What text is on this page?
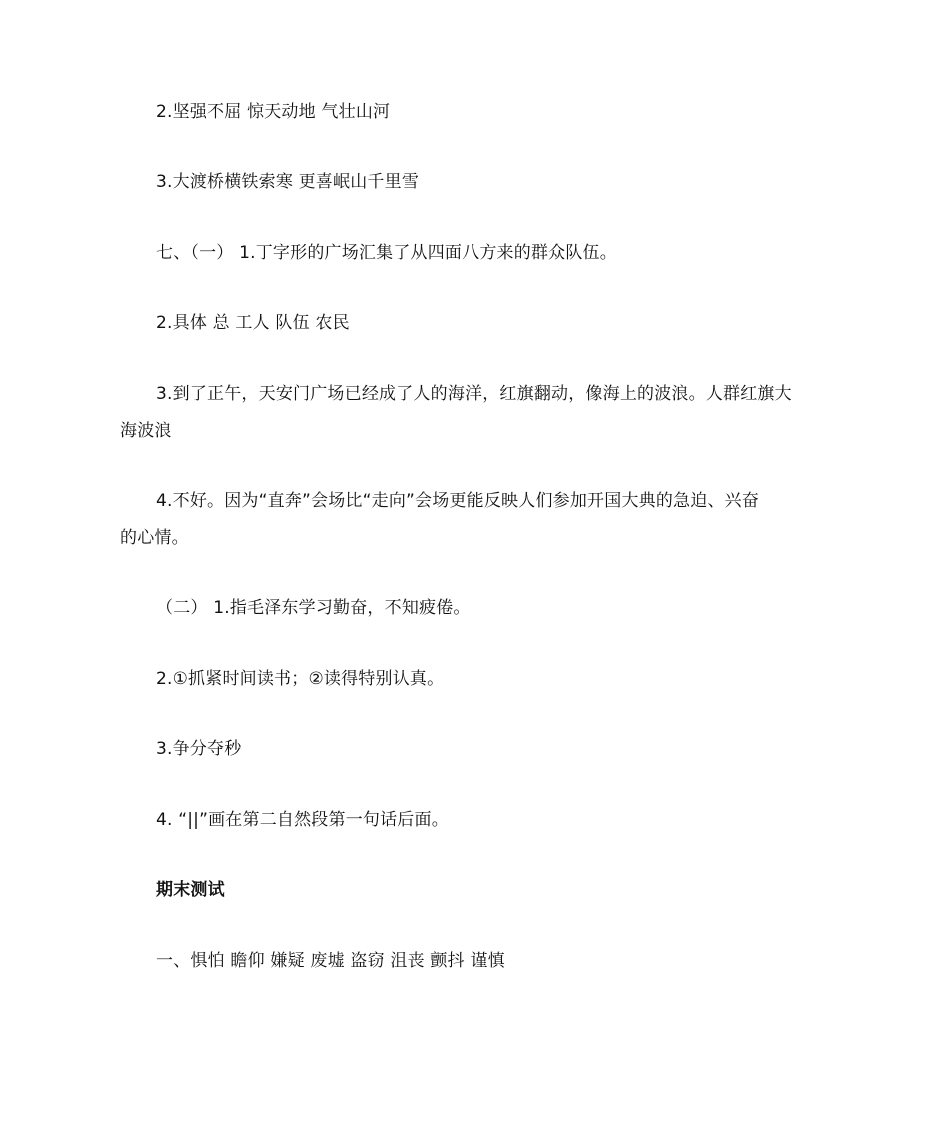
2.坚强不屈 惊天动地 气壮山河
3.大渡桥横铁索寒 更喜岷山千里雪
七、（一） 1.丁字形的广场汇集了从四面八方来的群众队伍。
2.具体 总 工人 队伍 农民
3.到了正午，天安门广场已经成了人的海洋，红旗翻动，像海上的波浪。人群红旗大
海波浪
4.不好。因为“直奔”会场比“走向”会场更能反映人们参加开国大典的急迫、兴奋
的心情。
（二） 1.指毛泽东学习勤奋，不知疲倦。
2.①抓紧时间读书；②读得特别认真。
3.争分夺秒
4. “||”画在第二自然段第一句话后面。
期末测试
一、惧怕 瞻仰 嫌疑 废墟 盗窃 沮丧 颤抖 谨慎
